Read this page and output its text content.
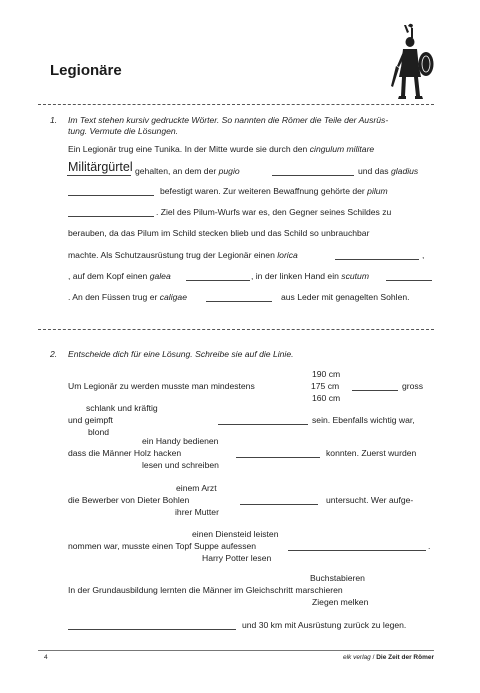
Legionäre
1. Im Text stehen kursiv gedruckte Wörter. So nannten die Römer die Teile der Ausrüs-
tung. Vermute die Lösungen.
Ein Legionär trug eine Tunika. In der Mitte wurde sie durch den cingulum militare
Militärgürtel gehalten, an dem der pugio	und das gladius
befestigt waren. Zur weiteren Bewaffnung gehörte der pilum
. Ziel des Pilum-Wurfs war es, den Gegner seines Schildes zu
berauben, da das Pilum im Schild stecken blieb und das Schild so unbrauchbar
machte. Als Schutzausrüstung trug der Legionär einen lorica	,
, auf dem Kopf einen galea	, in der linken Hand ein scutum
. An den Füssen trug er caligae	aus Leder mit genagelten Sohlen.
2. Entscheide dich für eine Lösung. Schreibe sie auf die Linie.
190 cm
Um Legionär zu werden musste man mindestens	175 cm	gross
160 cm
schlank und kräftig
und geimpft	sein. Ebenfalls wichtig war,
blond
ein Handy bedienen
dass die Männer Holz hacken	konnten. Zuerst wurden
lesen und schreiben
einem Arzt
die Bewerber von Dieter Bohlen	untersucht. Wer aufge-
ihrer Mutter
einen Diensteid leisten
nommen war, musste einen Topf Suppe aufessen	.
Harry Potter lesen
Buchstabieren
In der Grundausbildung lernten die Männer im Gleichschritt marschieren
Ziegen melken
und 30 km mit Ausrüstung zurück zu legen.
4	elk verlag / Die Zeit der Römer
